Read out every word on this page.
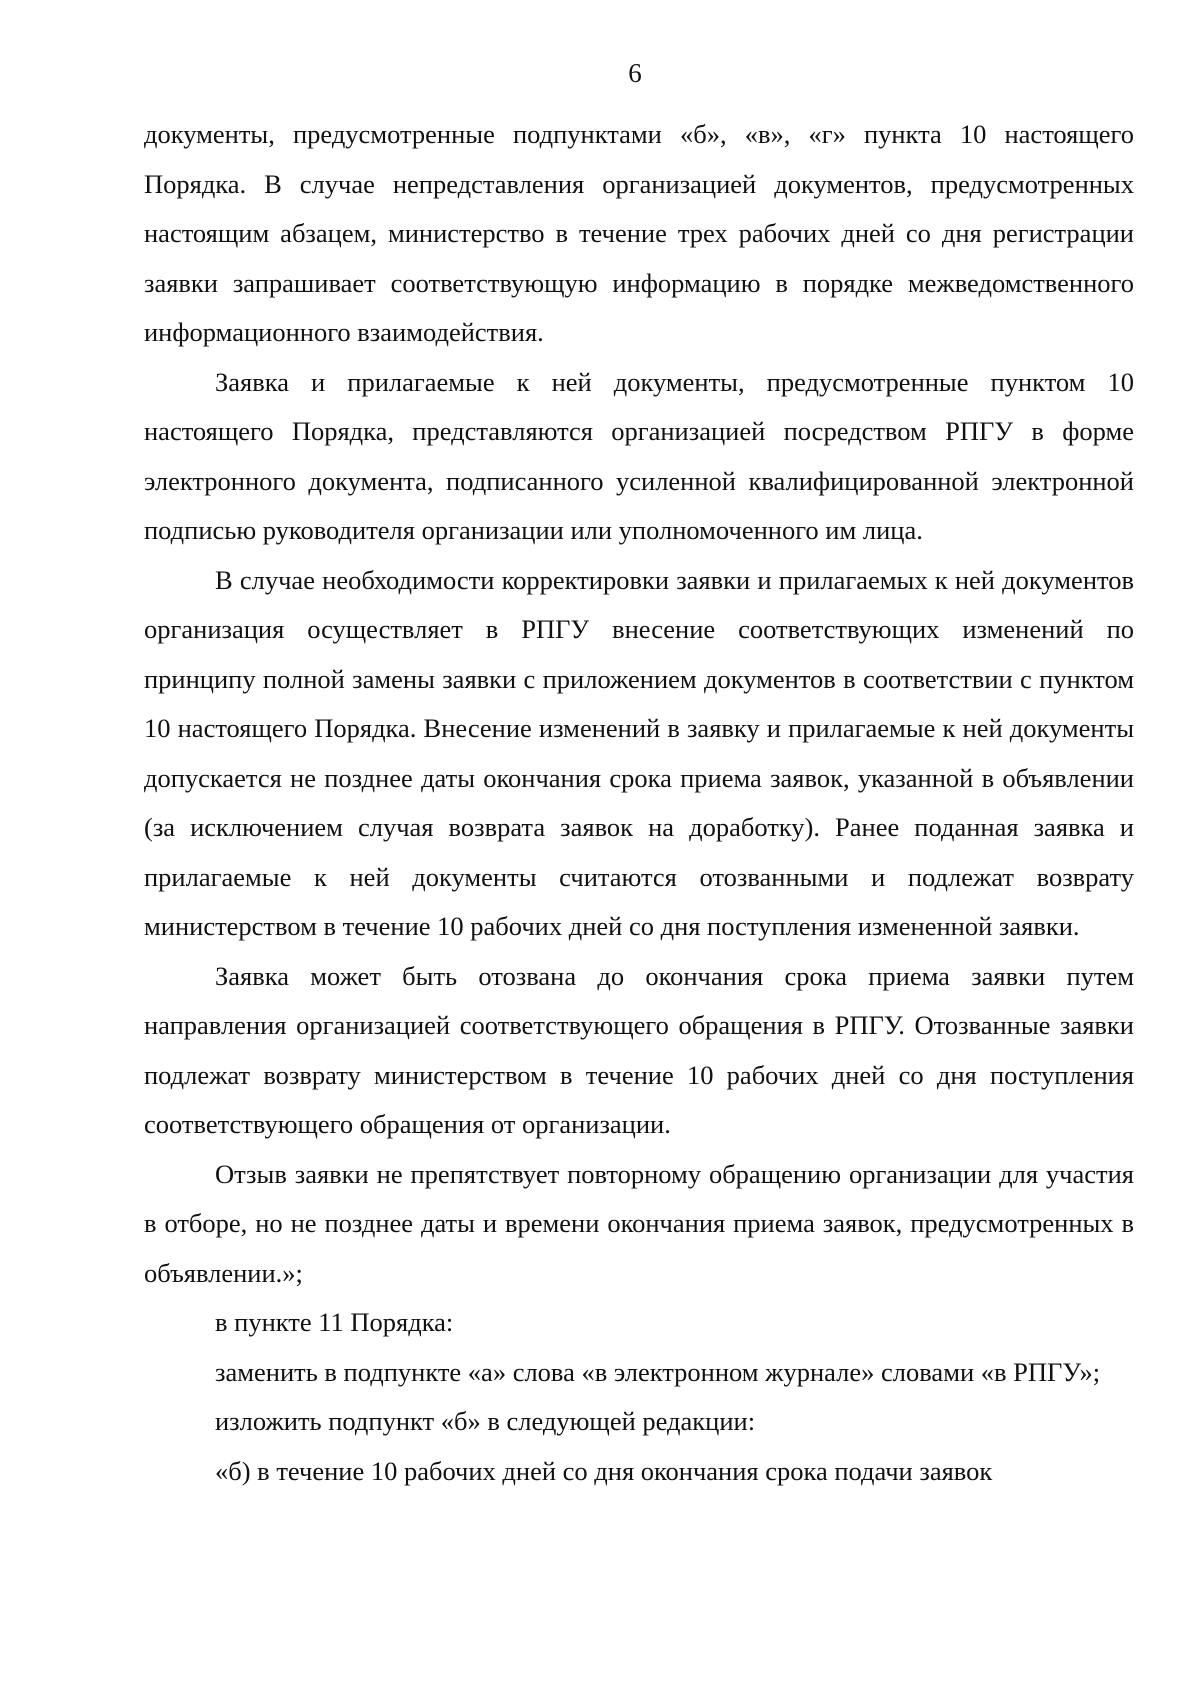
6

документы, предусмотренные подпунктами «б», «в», «г» пункта 10 настоящего Порядка. В случае непредставления организацией документов, предусмотренных настоящим абзацем, министерство в течение трех рабочих дней со дня регистрации заявки запрашивает соответствующую информацию в порядке межведомственного информационного взаимодействия.

Заявка и прилагаемые к ней документы, предусмотренные пунктом 10 настоящего Порядка, представляются организацией посредством РПГУ в форме электронного документа, подписанного усиленной квалифицированной электронной подписью руководителя организации или уполномоченного им лица.

В случае необходимости корректировки заявки и прилагаемых к ней документов организация осуществляет в РПГУ внесение соответствующих изменений по принципу полной замены заявки с приложением документов в соответствии с пунктом 10 настоящего Порядка. Внесение изменений в заявку и прилагаемые к ней документы допускается не позднее даты окончания срока приема заявок, указанной в объявлении (за исключением случая возврата заявок на доработку). Ранее поданная заявка и прилагаемые к ней документы считаются отозванными и подлежат возврату министерством в течение 10 рабочих дней со дня поступления измененной заявки.

Заявка может быть отозвана до окончания срока приема заявки путем направления организацией соответствующего обращения в РПГУ. Отозванные заявки подлежат возврату министерством в течение 10 рабочих дней со дня поступления соответствующего обращения от организации.

Отзыв заявки не препятствует повторному обращению организации для участия в отборе, но не позднее даты и времени окончания приема заявок, предусмотренных в объявлении.»;

в пункте 11 Порядка:

заменить в подпункте «а» слова «в электронном журнале» словами «в РПГУ»;

изложить подпункт «б» в следующей редакции:

«б) в течение 10 рабочих дней со дня окончания срока подачи заявок
